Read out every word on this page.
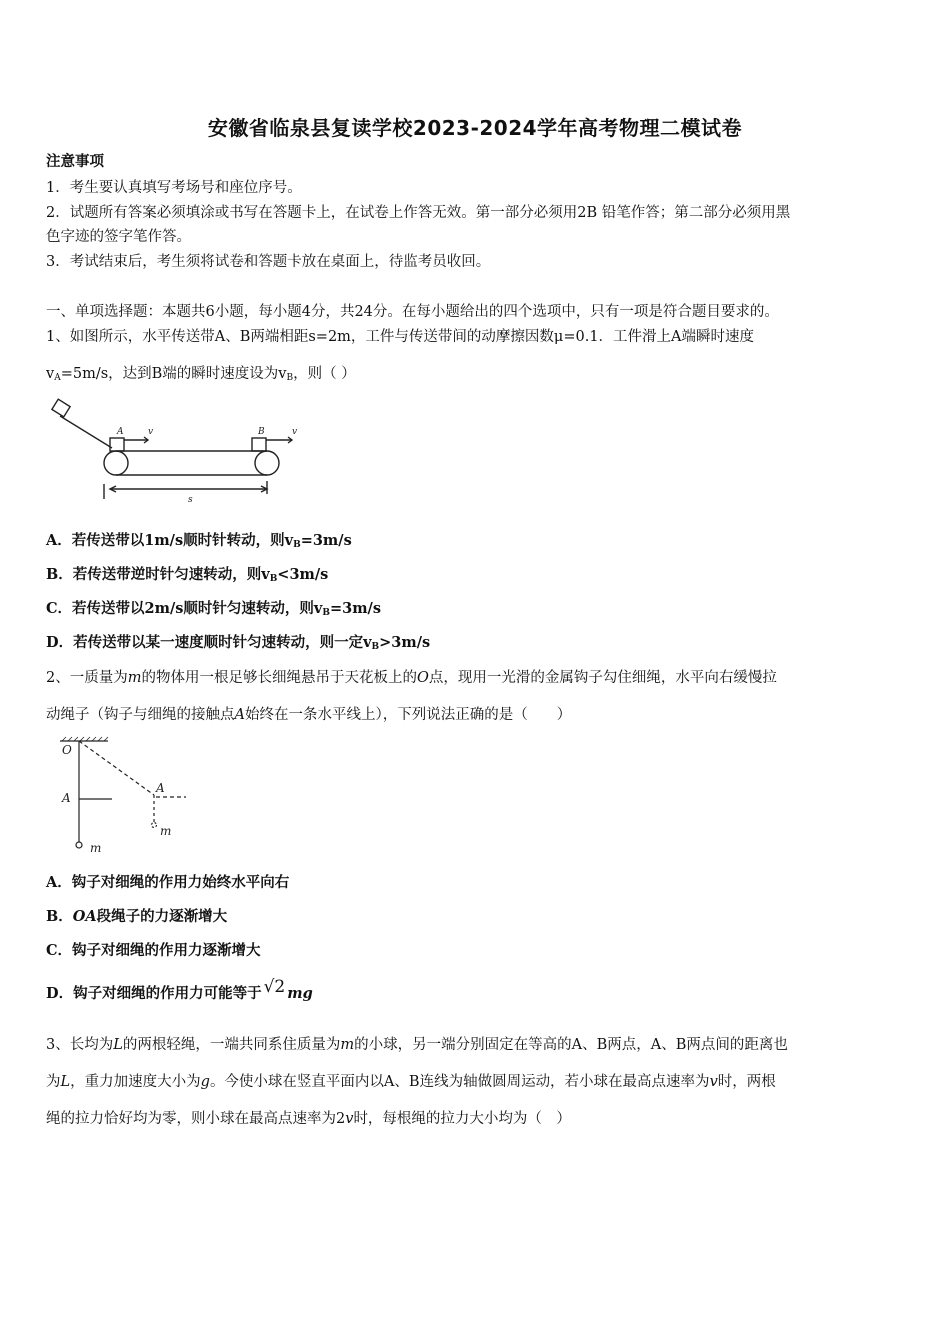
安徽省临泉县复读学校2023-2024学年高考物理二模试卷
注意事项
1．考生要认真填写考场号和座位序号。
2．试题所有答案必须填涂或书写在答题卡上，在试卷上作答无效。第一部分必须用2B 铅笔作答；第二部分必须用黑
色字迹的签字笔作答。
3．考试结束后，考生须将试卷和答题卡放在桌面上，待监考员收回。
一、单项选择题：本题共6小题，每小题4分，共24分。在每小题给出的四个选项中，只有一项是符合题目要求的。
1、如图所示，水平传送带A、B两端相距s=2m，工件与传送带间的动摩擦因数μ=0.1．工件滑上A端瞬时速度
$v_A=5m/s$，达到B端的瞬时速度设为$v_B$，则（ ）
A	B
v	v
s
A．若传送带以1m/s顺时针转动，则$v_B=3m/s$
B．若传送带逆时针匀速转动，则$v_B<3m/s$
C．若传送带以2m/s顺时针匀速转动，则$v_B=3m/s$
D．若传送带以某一速度顺时针匀速转动，则一定$v_B>3m/s$
2、一质量为m的物体用一根足够长细绳悬吊于天花板上的O点，现用一光滑的金属钩子勾住细绳，水平向右缓慢拉
动绳子（钩子与细绳的接触点A始终在一条水平线上），下列说法正确的是（　　）
O
A
A
m
m
A．钩子对细绳的作用力始终水平向右
B．OA段绳子的力逐渐增大
C．钩子对细绳的作用力逐渐增大
D．钩子对细绳的作用力可能等于 √2 mg
3、长均为L的两根轻绳，一端共同系住质量为m的小球，另一端分别固定在等高的A、B两点，A、B两点间的距离也
为L，重力加速度大小为g。今使小球在竖直平面内以A、B连线为轴做圆周运动，若小球在最高点速率为v时，两根
绳的拉力恰好均为零，则小球在最高点速率为2v时，每根绳的拉力大小均为（　）
